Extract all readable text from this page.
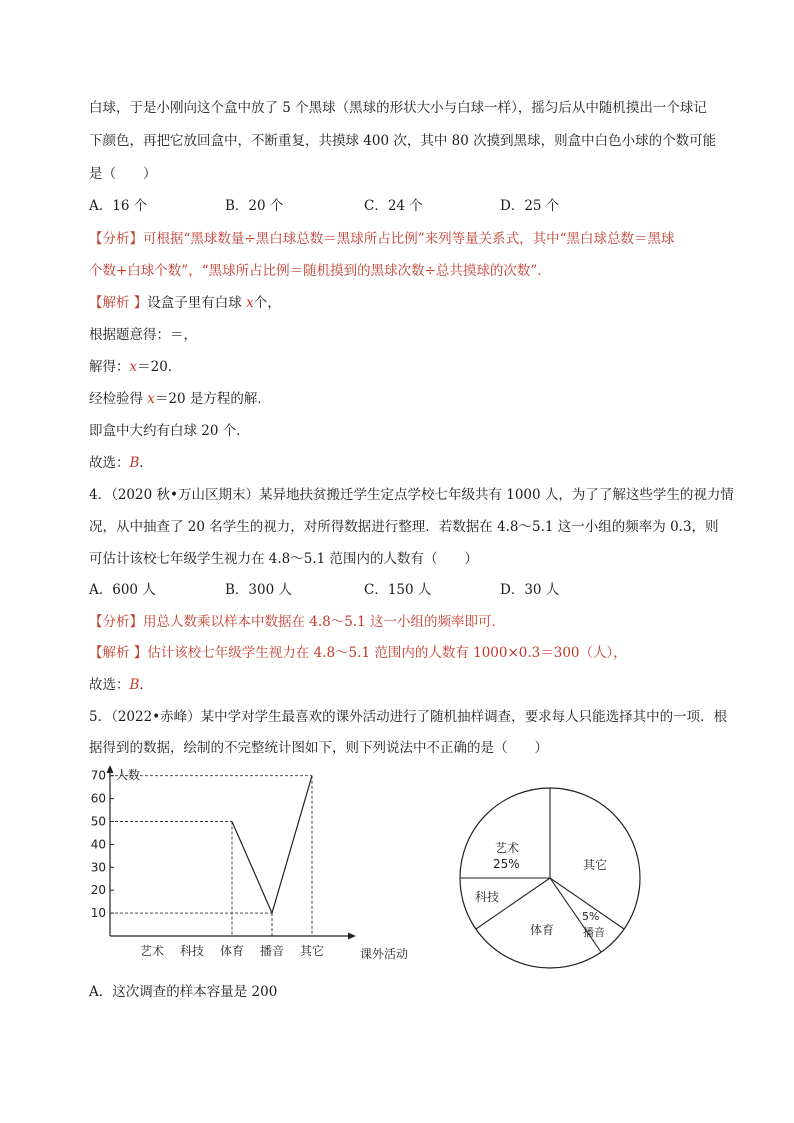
白球，于是小刚向这个盒中放了 5 个黑球（黑球的形状大小与白球一样），摇匀后从中随机摸出一个球记
下颜色，再把它放回盒中，不断重复，共摸球 400 次，其中 80 次摸到黑球，则盒中白色小球的个数可能
是（　　）
A．16 个	B．20 个	C．24 个	D．25 个
【分析】可根据“黑球数量÷黑白球总数＝黑球所占比例”来列等量关系式，其中“黑白球总数＝黑球
个数+白球个数”，“黑球所占比例＝随机摸到的黑球次数÷总共摸球的次数”．
【解析 】设盒子里有白球 x个，
根据题意得：＝，
解得：x＝20．
经检验得 x＝20 是方程的解．
即盒中大约有白球 20 个．
故选：B．
4．（2020 秋•万山区期末）某异地扶贫搬迁学生定点学校七年级共有 1000 人，为了了解这些学生的视力情
况，从中抽查了 20 名学生的视力，对所得数据进行整理．若数据在 4.8～5.1 这一小组的频率为 0.3，则
可估计该校七年级学生视力在 4.8～5.1 范围内的人数有（　　）
A．600 人	B．300 人	C．150 人	D．30 人
【分析】用总人数乘以样本中数据在 4.8～5.1 这一小组的频率即可．
【解析 】估计该校七年级学生视力在 4.8～5.1 范围内的人数有 1000×0.3＝300（人），
故选：B．
5．（2022•赤峰）某中学对学生最喜欢的课外活动进行了随机抽样调查，要求每人只能选择其中的一项．根
据得到的数据，绘制的不完整统计图如下，则下列说法中不正确的是（　　）
人数
课外活动
10
20
30
40
50
60
70
艺术 科技 体育 播音 其它
艺术
25%	其它
5%
播音
体育
科技
A．这次调查的样本容量是 200
